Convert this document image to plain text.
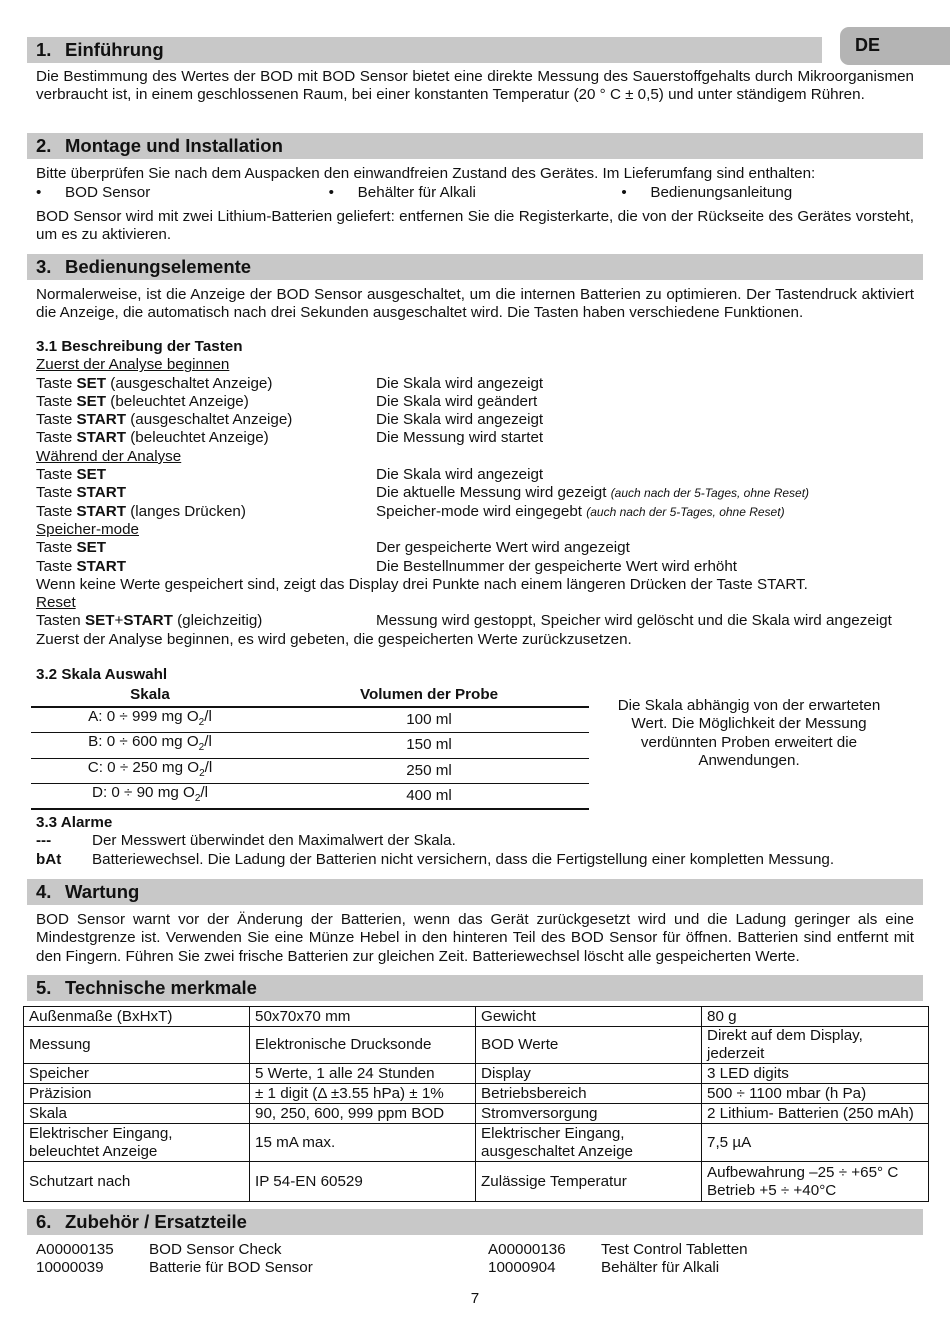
DE
1. Einführung
Die Bestimmung des Wertes der BOD mit BOD Sensor bietet eine direkte Messung des Sauerstoffgehalts durch Mikroorganismen verbraucht ist, in einem geschlossenen Raum, bei einer konstanten Temperatur (20 ° C ± 0,5) und unter ständigem Rühren.
2. Montage und Installation
Bitte überprüfen Sie nach dem Auspacken den einwandfreien Zustand des Gerätes. Im Lieferumfang sind enthalten:
•	BOD Sensor	•	Behälter für Alkali	•	Bedienungsanleitung
BOD Sensor wird mit zwei Lithium-Batterien geliefert: entfernen Sie die Registerkarte, die von der Rückseite des Gerätes vorsteht, um es zu aktivieren.
3. Bedienungselemente
Normalerweise, ist die Anzeige der BOD Sensor ausgeschaltet, um die internen Batterien zu optimieren. Der Tastendruck aktiviert die Anzeige, die automatisch nach drei Sekunden ausgeschaltet wird. Die Tasten haben verschiedene Funktionen.
3.1 Beschreibung der Tasten
Zuerst der Analyse beginnen
Taste SET (ausgeschaltet Anzeige)	Die Skala wird angezeigt
Taste SET (beleuchtet Anzeige)	Die Skala wird geändert
Taste START (ausgeschaltet Anzeige)	Die Skala wird angezeigt
Taste START (beleuchtet Anzeige)	Die Messung wird startet
Während der Analyse
Taste SET	Die Skala wird angezeigt
Taste START	Die aktuelle Messung wird gezeigt (auch nach der 5-Tages, ohne Reset)
Taste START (langes Drücken)	Speicher-mode wird eingegebt (auch nach der 5-Tages, ohne Reset)
Speicher-mode
Taste SET	Der gespeicherte Wert wird angezeigt
Taste START	Die Bestellnummer der gespeicherte Wert wird erhöht
Wenn keine Werte gespeichert sind, zeigt das Display drei Punkte nach einem längeren Drücken der Taste START.
Reset
Tasten SET+START (gleichzeitig)	Messung wird gestoppt, Speicher wird gelöscht und die Skala wird angezeigt
Zuerst der Analyse beginnen, es wird gebeten, die gespeicherten Werte zurückzusetzen.
3.2 Skala Auswahl
Skala	Volumen der Probe
A: 0 ÷ 999 mg $O_2/l$	100 ml
B: 0 ÷ 600 mg $O_2/l$	150 ml
C: 0 ÷ 250 mg $O_2/l$	250 ml
D: 0 ÷ 90 mg $O_2/l$	400 ml
Die Skala abhängig von der erwarteten Wert. Die Möglichkeit der Messung verdünnten Proben erweitert die Anwendungen.
3.3 Alarme
---	Der Messwert überwindet den Maximalwert der Skala.
bAt	Batteriewechsel. Die Ladung der Batterien nicht versichern, dass die Fertigstellung einer kompletten Messung.
4. Wartung
BOD Sensor warnt vor der Änderung der Batterien, wenn das Gerät zurückgesetzt wird und die Ladung geringer als eine Mindestgrenze ist. Verwenden Sie eine Münze Hebel in den hinteren Teil des BOD Sensor für öffnen. Batterien sind entfernt mit den Fingern. Führen Sie zwei frische Batterien zur gleichen Zeit. Batteriewechsel löscht alle gespeicherten Werte.
5. Technische merkmale
Außenmaße (BxHxT)	50x70x70 mm	Gewicht	80 g
Messung	Elektronische Drucksonde	BOD Werte	Direkt auf dem Display, jederzeit
Speicher	5 Werte, 1 alle 24 Stunden	Display	3 LED digits
Präzision	± 1 digit (Δ ±3.55 hPa) ± 1%	Betriebsbereich	500 ÷ 1100 mbar (h Pa)
Skala	90, 250, 600, 999 ppm BOD	Stromversorgung	2 Lithium- Batterien (250 mAh)
Elektrischer Eingang, beleuchtet Anzeige	15 mA max.	Elektrischer Eingang, ausgeschaltet Anzeige	7,5 µA
Schutzart nach	IP 54-EN 60529	Zulässige Temperatur	Aufbewahrung –25 ÷ +65° C
Betrieb +5 ÷ +40°C
6. Zubehör / Ersatzteile
A00000135	BOD Sensor Check	A00000136	Test Control Tabletten
10000039	Batterie für BOD Sensor	10000904	Behälter für Alkali
7
